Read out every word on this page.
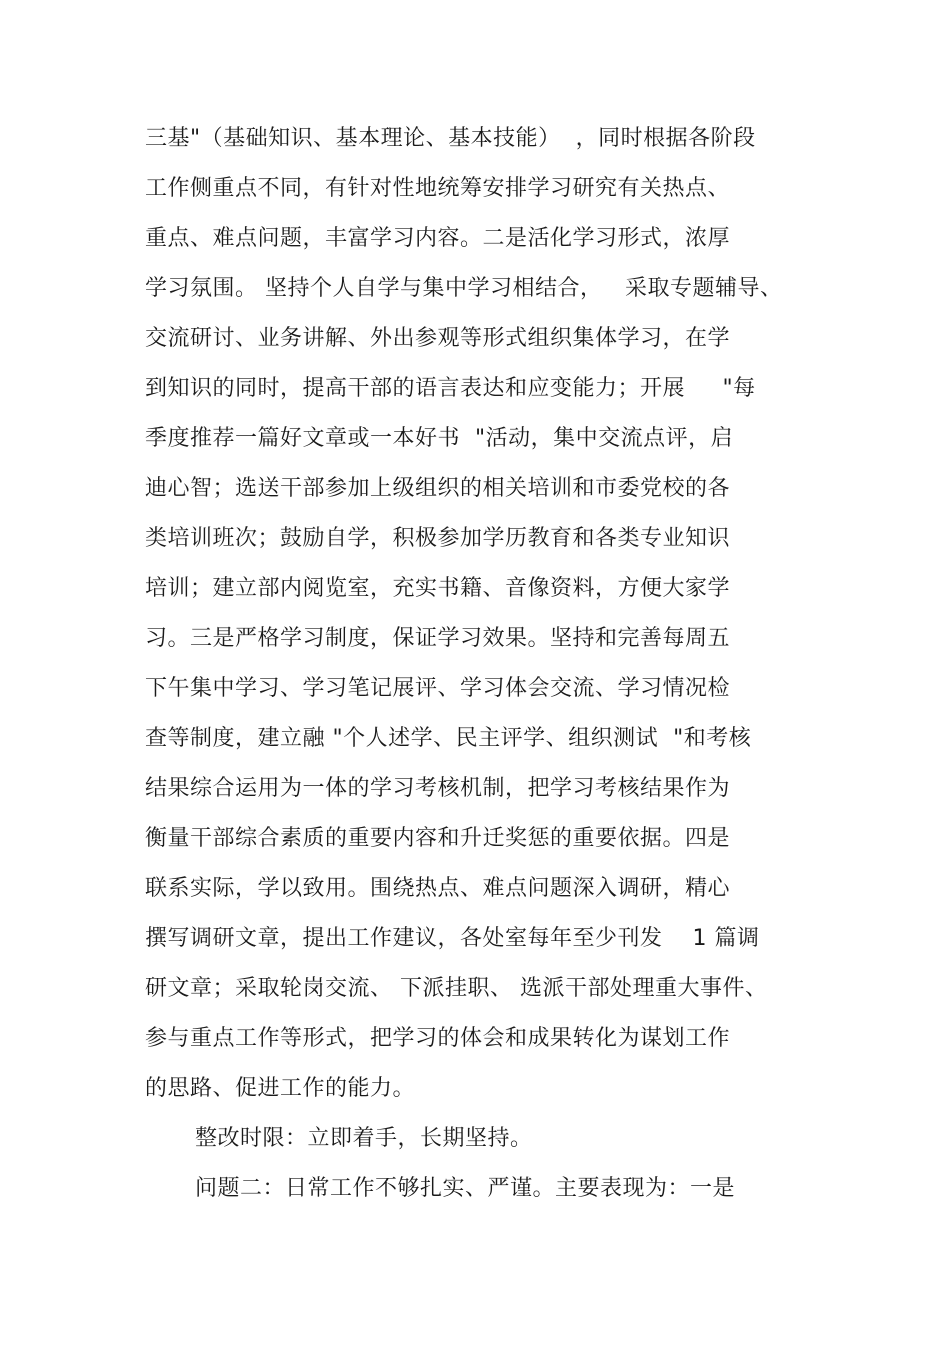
三基"（基础知识、基本理论、基本技能）  ，同时根据各阶段
工作侧重点不同，有针对性地统筹安排学习研究有关热点、
重点、难点问题，丰富学习内容。二是活化学习形式，浓厚
学习氛围。 坚持个人自学与集中学习相结合，   采取专题辅导、
交流研讨、业务讲解、外出参观等形式组织集体学习，在学
到知识的同时，提高干部的语言表达和应变能力；开展     "每
季度推荐一篇好文章或一本好书  "活动，集中交流点评，启
迪心智；选送干部参加上级组织的相关培训和市委党校的各
类培训班次；鼓励自学，积极参加学历教育和各类专业知识
培训；建立部内阅览室，充实书籍、音像资料，方便大家学
习。三是严格学习制度，保证学习效果。坚持和完善每周五
下午集中学习、学习笔记展评、学习体会交流、学习情况检
查等制度，建立融 "个人述学、民主评学、组织测试  "和考核
结果综合运用为一体的学习考核机制，把学习考核结果作为
衡量干部综合素质的重要内容和升迁奖惩的重要依据。四是
联系实际，学以致用。围绕热点、难点问题深入调研，精心
撰写调研文章，提出工作建议，各处室每年至少刊发    1 篇调
研文章；采取轮岗交流、 下派挂职、 选派干部处理重大事件、
参与重点工作等形式，把学习的体会和成果转化为谋划工作
的思路、促进工作的能力。
整改时限：立即着手，长期坚持。
问题二：日常工作不够扎实、严谨。主要表现为：一是
